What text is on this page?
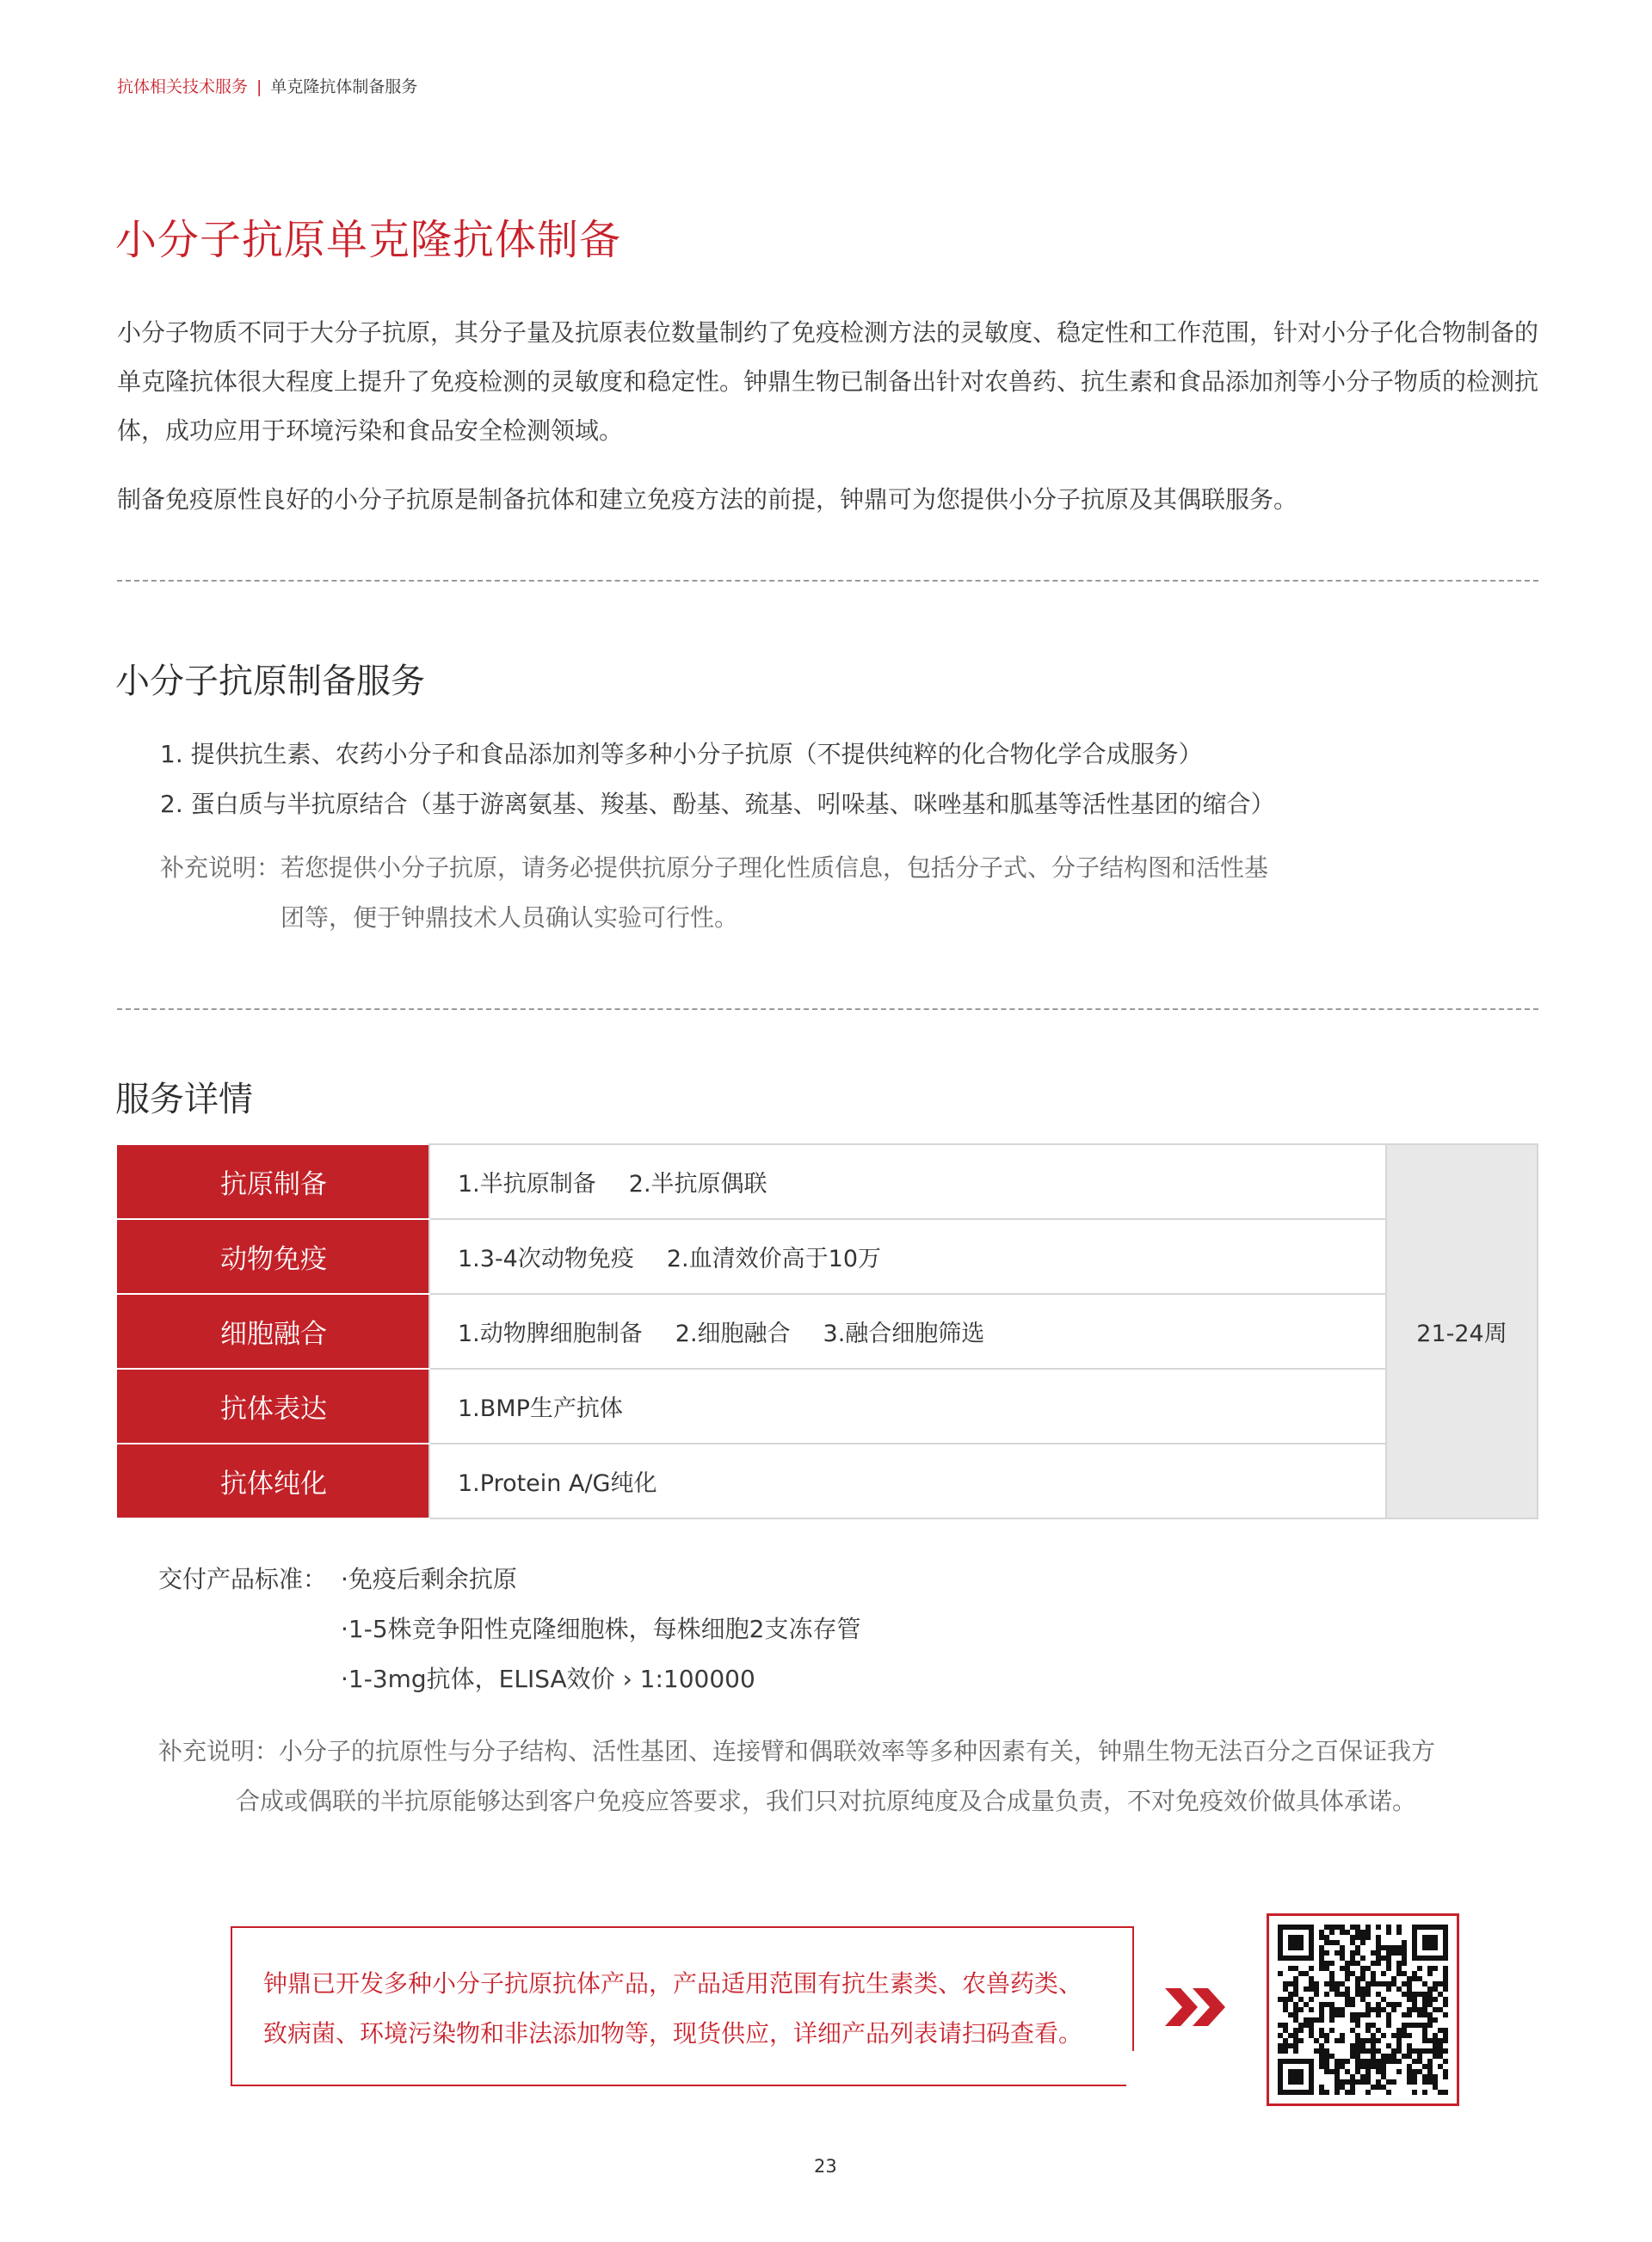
抗体相关技术服务 | 单克隆抗体制备服务
小分子抗原单克隆抗体制备

小分子物质不同于大分子抗原，其分子量及抗原表位数量制约了免疫检测方法的灵敏度、稳定性和工作范围，针对小分子化合物制备的单克隆抗体很大程度上提升了免疫检测的灵敏度和稳定性。钟鼎生物已制备出针对农兽药、抗生素和食品添加剂等小分子物质的检测抗体，成功应用于环境污染和食品安全检测领域。

制备免疫原性良好的小分子抗原是制备抗体和建立免疫方法的前提，钟鼎可为您提供小分子抗原及其偶联服务。

小分子抗原制备服务
1. 提供抗生素、农药小分子和食品添加剂等多种小分子抗原（不提供纯粹的化合物化学合成服务）
2. 蛋白质与半抗原结合（基于游离氨基、羧基、酚基、巯基、吲哚基、咪唑基和胍基等活性基团的缩合）
补充说明： 若您提供小分子抗原，请务必提供抗原分子理化性质信息，包括分子式、分子结构图和活性基团等，便于钟鼎技术人员确认实验可行性。
服务详情
抗原制备	1.半抗原制备 2.半抗原偶联	21-24周
动物免疫	1.3-4次动物免疫 2.血清效价高于10万	
细胞融合	1.动物脾细胞制备 2.细胞融合 3.融合细胞筛选	
抗体表达	1.BMP生产抗体	
抗体纯化	1.Protein A/G纯化	
交付产品标准： ·免疫后剩余抗原
·1-5株竞争阳性克隆细胞株，每株细胞2支冻存管
·1-3mg抗体，ELISA效价 › 1:100000
补充说明：小分子的抗原性与分子结构、活性基团、连接臂和偶联效率等多种因素有关，钟鼎生物无法百分之百保证我方
合成或偶联的半抗原能够达到客户免疫应答要求，我们只对抗原纯度及合成量负责，不对免疫效价做具体承诺。

钟鼎已开发多种小分子抗原抗体产品，产品适用范围有抗生素类、农兽药类、
致病菌、环境污染物和非法添加物等，现货供应，详细产品列表请扫码查看。

23
